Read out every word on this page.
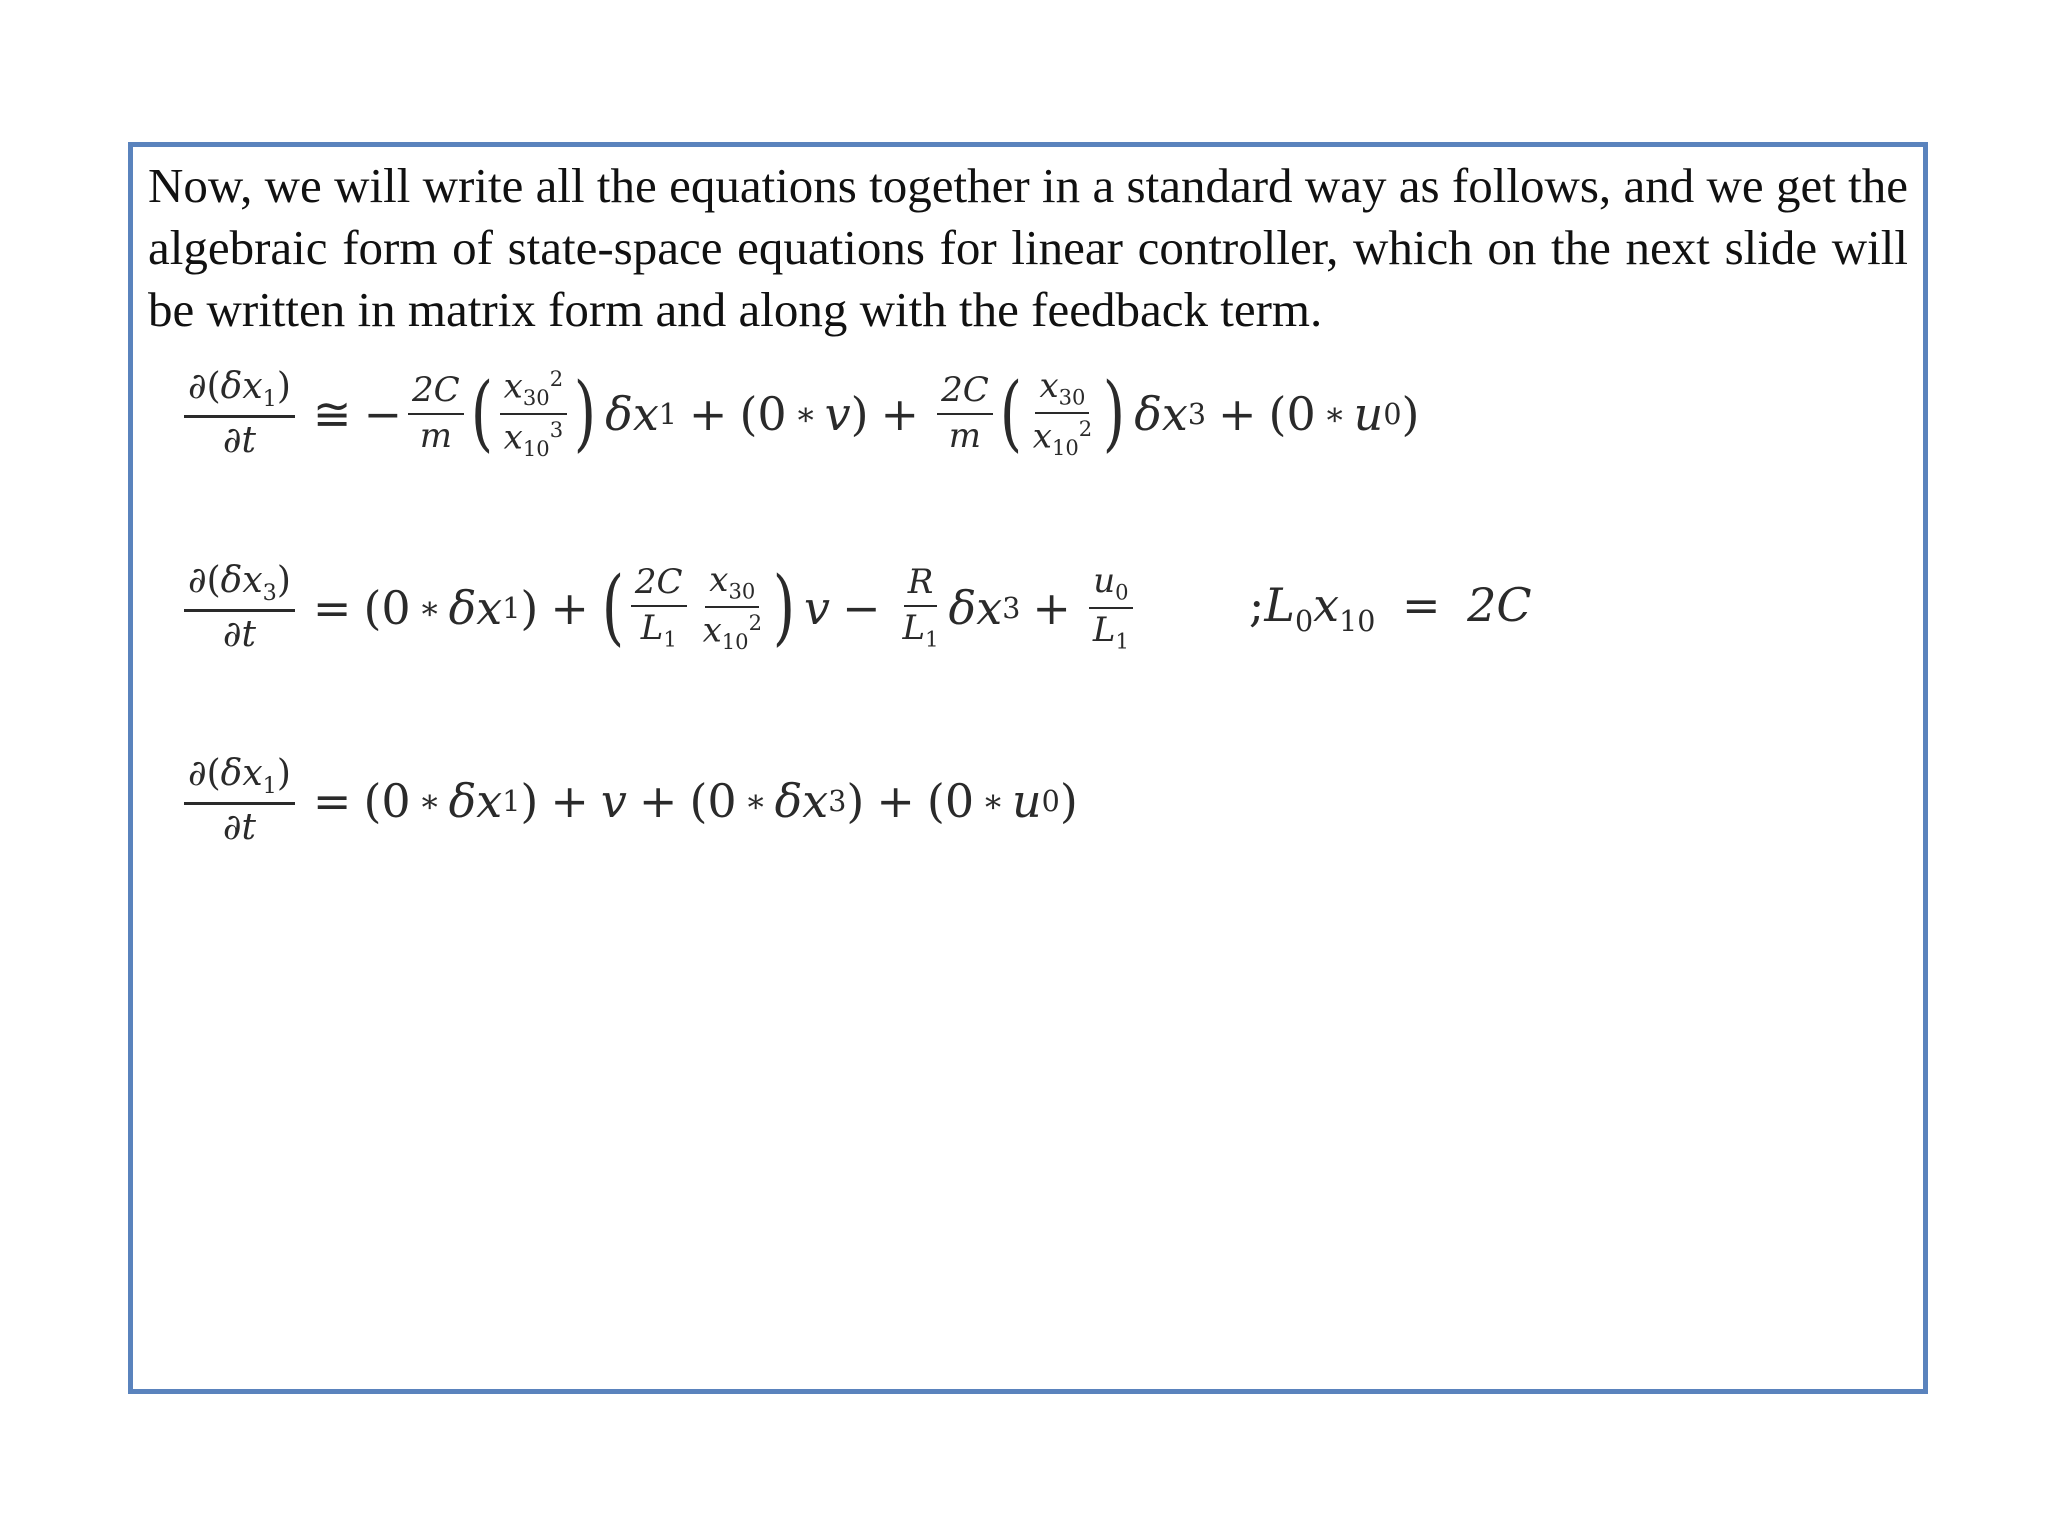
Now, we will write all the equations together in a standard way as follows, and we get the algebraic form of state-space equations for linear controller, which on the next slide will be written in matrix form and along with the feedback term.

$\frac{\partial(\delta x_1)}{\partial t}$ ≅ − $\frac{2C}{m}$ ( $\frac{x_{30}^2}{x_{10}^3}$ ) δ x 1 + ( 0 ∗ v ) + $\frac{2C}{m}$ ( $\frac{x_{30}}{x_{10}^2}$ ) δ x 3 + ( 0 ∗ u 0 )
$\frac{\partial(\delta x_3)}{\partial t}$ = ( 0 ∗ δ x 1 ) + ( $\frac{2C}{L_1} \frac{x_{30}}{x_{10}^2}$ ) $v - \frac{R}{L_1}$ δ x $3 + \frac{u_0}{L_1}$	$;L_0x_{10} = 2C$
$\frac{\partial(\delta x_1)}{\partial t}$ = ( 0 ∗ δ x 1 ) + v + ( 0 ∗ δ x 3 ) + ( 0 ∗ u 0 )
